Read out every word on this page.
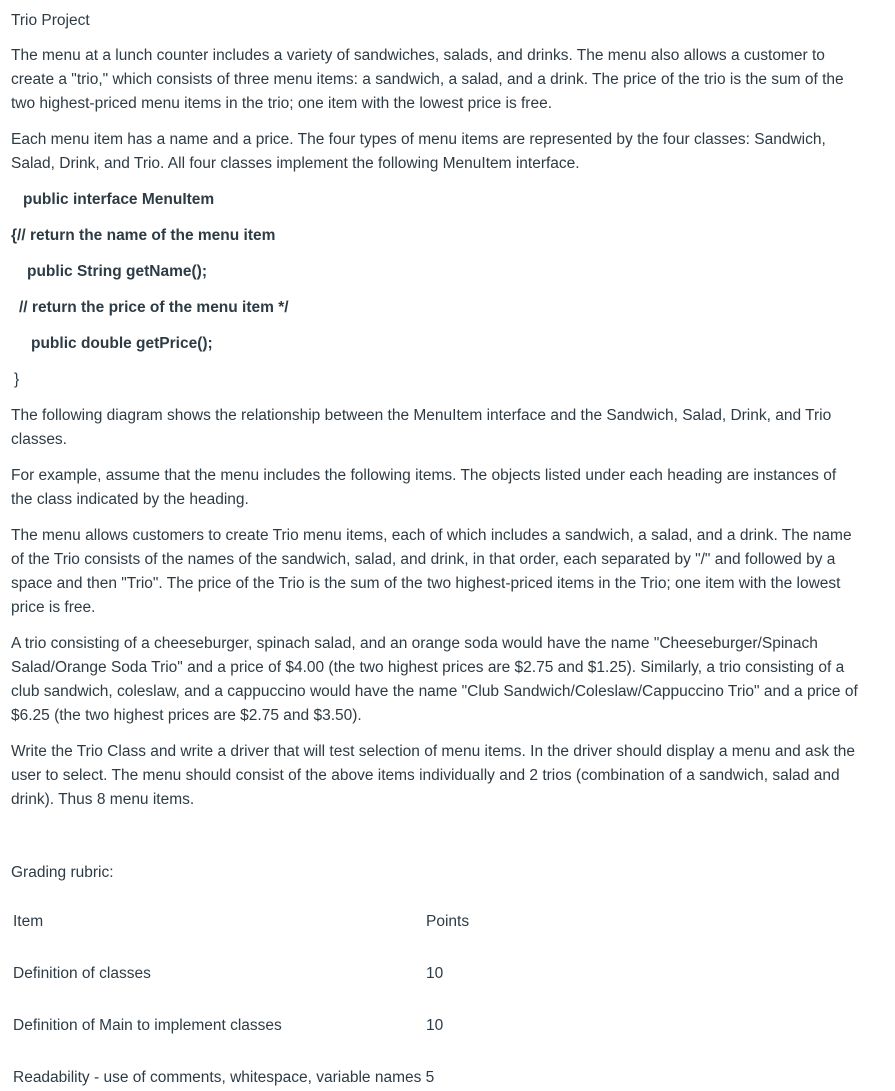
Trio Project

The menu at a lunch counter includes a variety of sandwiches, salads, and drinks. The menu also allows a customer to create a "trio," which consists of three menu items: a sandwich, a salad, and a drink. The price of the trio is the sum of the two highest-priced menu items in the trio; one item with the lowest price is free.

Each menu item has a name and a price. The four types of menu items are represented by the four classes: Sandwich, Salad, Drink, and Trio. All four classes implement the following MenuItem interface.

public interface MenuItem

{// return the name of the menu item

public String getName();

// return the price of the menu item */

public double getPrice();

}

The following diagram shows the relationship between the MenuItem interface and the Sandwich, Salad, Drink, and Trio classes.

For example, assume that the menu includes the following items. The objects listed under each heading are instances of the class indicated by the heading.

The menu allows customers to create Trio menu items, each of which includes a sandwich, a salad, and a drink. The name of the Trio consists of the names of the sandwich, salad, and drink, in that order, each separated by "/" and followed by a space and then "Trio". The price of the Trio is the sum of the two highest-priced items in the Trio; one item with the lowest price is free.

A trio consisting of a cheeseburger, spinach salad, and an orange soda would have the name "Cheeseburger/Spinach Salad/Orange Soda Trio" and a price of $4.00 (the two highest prices are $2.75 and $1.25). Similarly, a trio consisting of a club sandwich, coleslaw, and a cappuccino would have the name "Club Sandwich/Coleslaw/Cappuccino Trio" and a price of $6.25 (the two highest prices are $2.75 and $3.50).

Write the Trio Class and write a driver that will test selection of menu items. In the driver should display a menu and ask the user to select. The menu should consist of the above items individually and 2 trios (combination of a sandwich, salad and drink). Thus 8 menu items.

Grading rubric:

Item	Points
Definition of classes	10
Definition of Main to implement classes	10
Readability - use of comments, whitespace, variable names 5
